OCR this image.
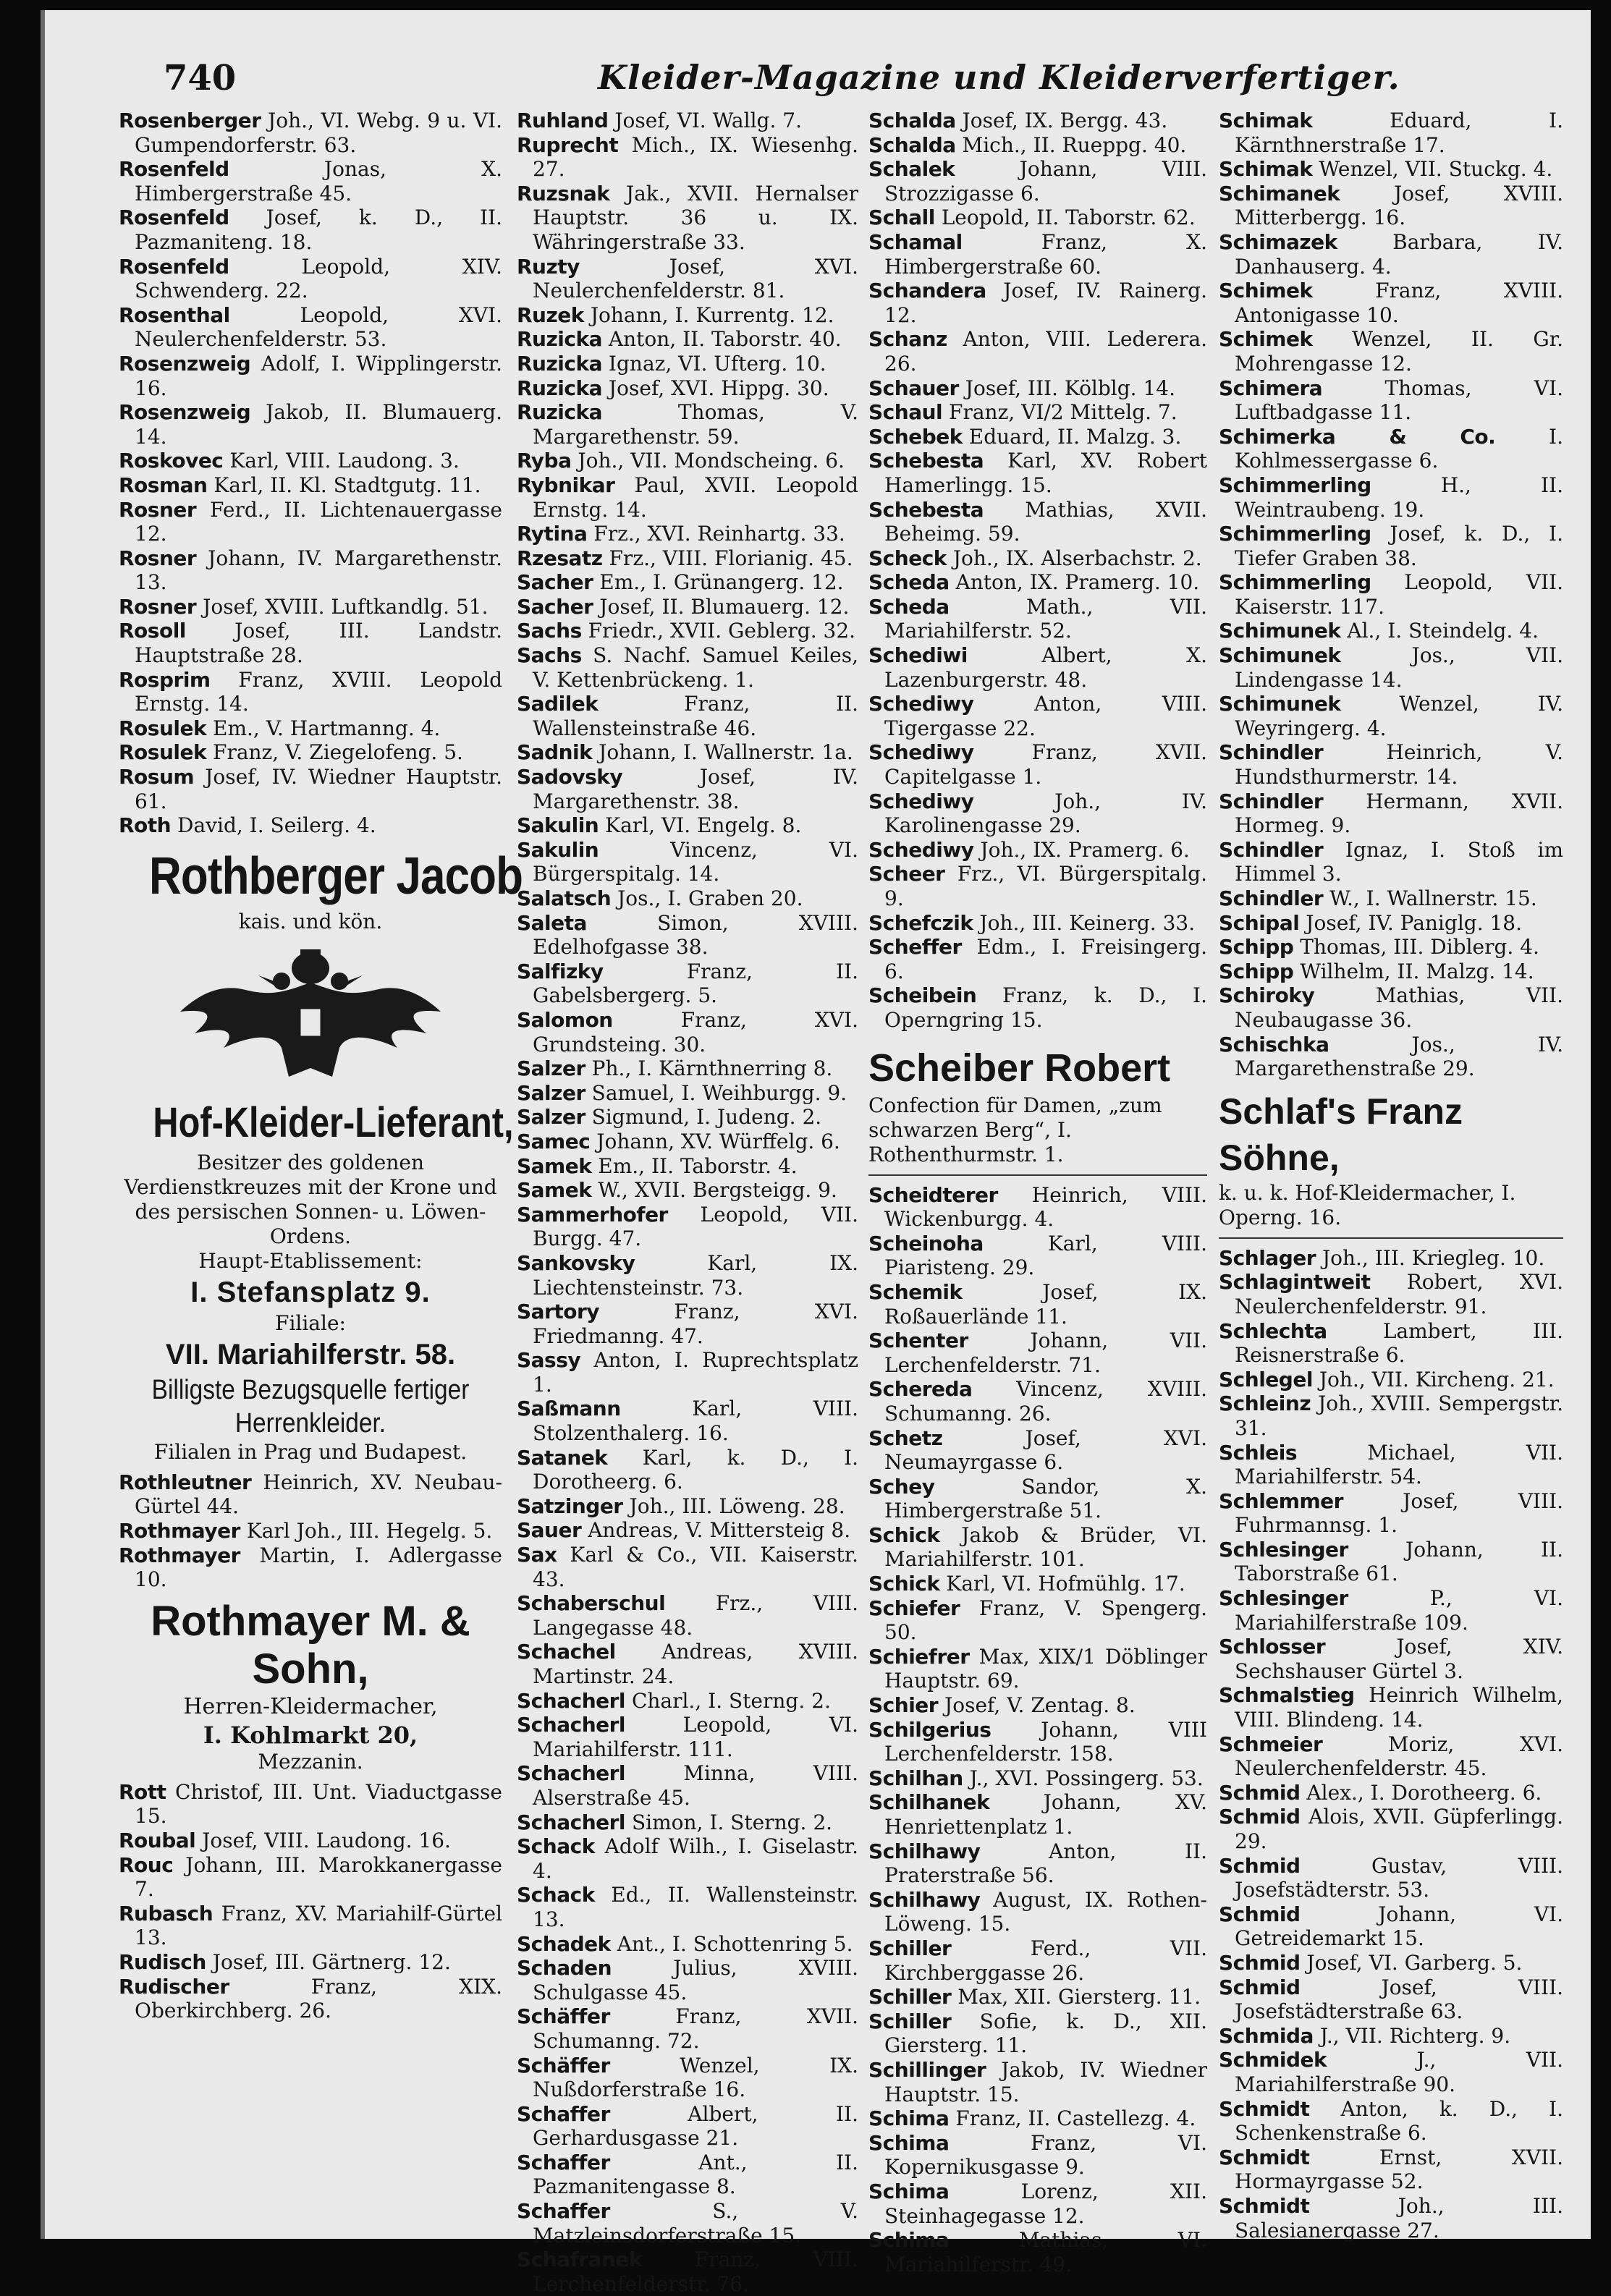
740	Kleider-Magazine und Kleiderverfertiger.

Rosenberger Joh., VI. Webg. 9 u. VI. Gumpendorferstr. 63.

Rosenfeld	Jonas, X. Himbergerstraße 45.

Rosenfeld Josef, k. D., II. Pazmaniteng. 18.

Rosenfeld	Leopold, XIV. Schwenderg. 22.

Rosenthal	Leopold, XVI. Neulerchenfelderstr. 53.

Rosenzweig Adolf, I. Wipplingerstr. 16.

Rosenzweig Jakob, II. Blumauerg. 14.

Roskovec Karl, VIII. Laudong. 3.

Rosman Karl, II. Kl. Stadtgutg. 11.

Rosner Ferd., II. Lichtenauergasse 12.

Rosner Johann, IV. Margarethenstr. 13.

Rosner Josef, XVIII. Luftkandlg. 51.

Rosoll Josef, III. Landstr. Hauptstraße 28.

Rosprim Franz, XVIII. Leopold Ernstg. 14.

Rosulek Em., V. Hartmanng. 4.

Rosulek Franz, V. Ziegelofeng. 5.

Rosum Josef, IV. Wiedner Hauptstr. 61.

Roth David, I. Seilerg. 4.

Rothberger Jacob
kais. und kön.
Hof-Kleider-Lieferant,
Besitzer des goldenen Verdienstkreuzes mit der Krone und des persischen Sonnen- u. Löwen-Ordens.
Haupt-Etablissement:
I. Stefansplatz 9.
Filiale:
VII. Mariahilferstr. 58.
Billigste Bezugsquelle fertiger Herrenkleider.
Filialen in Prag und Budapest.

Rothleutner Heinrich, XV. Neubau-Gürtel 44.

Rothmayer Karl Joh., III. Hegelg. 5.

Rothmayer Martin, I. Adlergasse 10.

Rothmayer M. & Sohn,
Herren-Kleidermacher,
I. Kohlmarkt 20,
Mezzanin.

Rott Christof, III. Unt. Viaductgasse 15.

Roubal Josef, VIII. Laudong. 16.

Rouc Johann, III. Marokkanergasse 7.

Rubasch Franz, XV. Mariahilf-Gürtel 13.

Rudisch Josef, III. Gärtnerg. 12.

Rudischer	Franz, XIX. Oberkirchberg. 26.

Ruhland Josef, VI. Wallg. 7.

Ruprecht Mich., IX. Wiesenhg. 27.

Ruzsnak Jak., XVII. Hernalser Hauptstr. 36 u. IX. Währingerstraße 33.

Ruzty	Josef, XVI. Neulerchenfelderstr. 81.

Ruzek Johann, I. Kurrentg. 12.

Ruzicka Anton, II. Taborstr. 40.

Ruzicka Ignaz, VI. Ufterg. 10.

Ruzicka Josef, XVI. Hippg. 30.

Ruzicka	Thomas, V. Margarethenstr. 59.

Ryba Joh., VII. Mondscheing. 6.

Rybnikar Paul, XVII. Leopold Ernstg. 14.

Rytina Frz., XVI. Reinhartg. 33.

Rzesatz Frz., VIII. Florianig. 45.

Sacher Em., I. Grünangerg. 12.

Sacher Josef, II. Blumauerg. 12.

Sachs Friedr., XVII. Geblerg. 32.

Sachs S. Nachf. Samuel Keiles, V. Kettenbrückeng. 1.

Sadilek	Franz, II. Wallensteinstraße 46.

Sadnik Johann, I. Wallnerstr. 1a.

Sadovsky	Josef, IV. Margarethenstr. 38.

Sakulin Karl, VI. Engelg. 8.

Sakulin	Vincenz, VI. Bürgerspitalg. 14.

Salatsch Jos., I. Graben 20.

Saleta	Simon, XVIII. Edelhofgasse 38.

Salfizky	Franz, II. Gabelsbergerg. 5.

Salomon	Franz, XVI. Grundsteing. 30.

Salzer Ph., I. Kärnthnerring 8.

Salzer Samuel, I. Weihburgg. 9.

Salzer Sigmund, I. Judeng. 2.

Samec Johann, XV. Würffelg. 6.

Samek Em., II. Taborstr. 4.

Samek W., XVII. Bergsteigg. 9.

Sammerhofer Leopold, VII. Burgg. 47.

Sankovsky	Karl, IX. Liechtensteinstr. 73.

Sartory	Franz, XVI. Friedmanng. 47.

Sassy Anton, I. Ruprechtsplatz 1.

Saßmann	Karl, VIII. Stolzenthalerg. 16.

Satanek Karl, k. D., I. Dorotheerg. 6.

Satzinger Joh., III. Löweng. 28.

Sauer Andreas, V. Mittersteig 8.

Sax Karl & Co., VII. Kaiserstr. 43.

Schaberschul Frz., VIII. Langegasse 48.

Schachel Andreas, XVIII. Martinstr. 24.

Schacherl Charl., I. Sterng. 2.

Schacherl	Leopold, VI. Mariahilferstr. 111.

Schacherl	Minna, VIII. Alserstraße 45.

Schacherl Simon, I. Sterng. 2.

Schack Adolf Wilh., I. Giselastr. 4.

Schack Ed., II. Wallensteinstr. 13.

Schadek Ant., I. Schottenring 5.

Schaden	Julius, XVIII. Schulgasse 45.

Schäffer	Franz, XVII. Schumanng. 72.

Schäffer	Wenzel, IX. Nußdorferstraße 16.

Schaffer	Albert, II. Gerhardusgasse 21.

Schaffer	Ant., II. Pazmanitengasse 8.

Schaffer	S., V. Matzleinsdorferstraße 15.

Schafranek	Franz, VIII. Lerchenfelderstr. 76.

Schalda Josef, IX. Bergg. 43.

Schalda Mich., II. Rueppg. 40.

Schalek	Johann, VIII. Strozzigasse 6.

Schall Leopold, II. Taborstr. 62.

Schamal	Franz, X. Himbergerstraße 60.

Schandera Josef, IV. Rainerg. 12.

Schanz Anton, VIII. Lederera. 26.

Schauer Josef, III. Kölblg. 14.

Schaul Franz, VI/2 Mittelg. 7.

Schebek Eduard, II. Malzg. 3.

Schebesta Karl, XV. Robert Hamerlingg. 15.

Schebesta Mathias, XVII. Beheimg. 59.

Scheck Joh., IX. Alserbachstr. 2.

Scheda Anton, IX. Pramerg. 10.

Scheda	Math., VII. Mariahilferstr. 52.

Schediwi	Albert, X. Lazenburgerstr. 48.

Schediwy	Anton, VIII. Tigergasse 22.

Schediwy	Franz, XVII. Capitelgasse 1.

Schediwy	Joh., IV. Karolinengasse 29.

Schediwy Joh., IX. Pramerg. 6.

Scheer Frz., VI. Bürgerspitalg. 9.

Schefczik Joh., III. Keinerg. 33.

Scheffer Edm., I. Freisingerg. 6.

Scheibein Franz, k. D., I. Operngring 15.

Scheiber Robert
Confection für Damen, „zum schwarzen Berg“, I. Rothenthurmstr. 1.

Scheidterer Heinrich, VIII. Wickenburgg. 4.

Scheinoha	Karl, VIII. Piaristeng. 29.

Schemik	Josef, IX. Roßauerlände 11.

Schenter	Johann, VII. Lerchenfelderstr. 71.

Schereda Vincenz, XVIII. Schumanng. 26.

Schetz	Josef, XVI. Neumayrgasse 6.

Schey	Sandor, X. Himbergerstraße 51.

Schick Jakob & Brüder, VI. Mariahilferstr. 101.

Schick Karl, VI. Hofmühlg. 17.

Schiefer Franz, V. Spengerg. 50.

Schiefrer Max, XIX/1 Döblinger Hauptstr. 69.

Schier Josef, V. Zentag. 8.

Schilgerius Johann, VIII Lerchenfelderstr. 158.

Schilhan J., XVI. Possingerg. 53.

Schilhanek	Johann, XV. Henriettenplatz 1.

Schilhawy	Anton, II. Praterstraße 56.

Schilhawy August, IX. Rothen-Löweng. 15.

Schiller	Ferd., VII. Kirchberggasse 26.

Schiller Max, XII. Giersterg. 11.

Schiller Sofie, k. D., XII. Giersterg. 11.

Schillinger Jakob, IV. Wiedner Hauptstr. 15.

Schima Franz, II. Castellezg. 4.

Schima	Franz, VI. Kopernikusgasse 9.

Schima	Lorenz, XII. Steinhagegasse 12.

Schima	Mathias, VI. Mariahilferstr. 49.

Schimak	Eduard, I. Kärnthnerstraße 17.

Schimak Wenzel, VII. Stuckg. 4.

Schimanek	Josef, XVIII. Mitterbergg. 16.

Schimazek	Barbara, IV. Danhauserg. 4.

Schimek	Franz, XVIII. Antonigasse 10.

Schimek Wenzel, II. Gr. Mohrengasse 12.

Schimera	Thomas, VI. Luftbadgasse 11.

Schimerka & Co.	I. Kohlmessergasse 6.

Schimmerling	H., II. Weintraubeng. 19.

Schimmerling Josef, k. D., I. Tiefer Graben 38.

Schimmerling Leopold, VII. Kaiserstr. 117.

Schimunek Al., I. Steindelg. 4.

Schimunek	Jos., VII. Lindengasse 14.

Schimunek	Wenzel, IV. Weyringerg. 4.

Schindler	Heinrich, V. Hundsthurmerstr. 14.

Schindler Hermann, XVII. Hormeg. 9.

Schindler Ignaz, I. Stoß im Himmel 3.

Schindler W., I. Wallnerstr. 15.

Schipal Josef, IV. Paniglg. 18.

Schipp Thomas, III. Diblerg. 4.

Schipp Wilhelm, II. Malzg. 14.

Schiroky	Mathias, VII. Neubaugasse 36.

Schischka	Jos., IV. Margarethenstraße 29.

Schlaf's Franz Söhne,
k. u. k. Hof-Kleidermacher, I. Operng. 16.

Schlager Joh., III. Kriegleg. 10.

Schlagintweit Robert, XVI. Neulerchenfelderstr. 91.

Schlechta	Lambert, III. Reisnerstraße 6.

Schlegel Joh., VII. Kircheng. 21.

Schleinz Joh., XVIII. Sempergstr. 31.

Schleis	Michael, VII. Mariahilferstr. 54.

Schlemmer	Josef, VIII. Fuhrmannsg. 1.

Schlesinger	Johann, II. Taborstraße 61.

Schlesinger	P., VI. Mariahilferstraße 109.

Schlosser	Josef, XIV. Sechshauser Gürtel 3.

Schmalstieg Heinrich Wilhelm, VIII. Blindeng. 14.

Schmeier	Moriz, XVI. Neulerchenfelderstr. 45.

Schmid Alex., I. Dorotheerg. 6.

Schmid Alois, XVII. Güpferlingg. 29.

Schmid	Gustav, VIII. Josefstädterstr. 53.

Schmid	Johann, VI. Getreidemarkt 15.

Schmid Josef, VI. Garberg. 5.

Schmid	Josef, VIII. Josefstädterstraße 63.

Schmida J., VII. Richterg. 9.

Schmidek	J., VII. Mariahilferstraße 90.

Schmidt Anton, k. D., I. Schenkenstraße 6.

Schmidt	Ernst, XVII. Hormayrgasse 52.

Schmidt	Joh., III. Salesianergasse 27.
